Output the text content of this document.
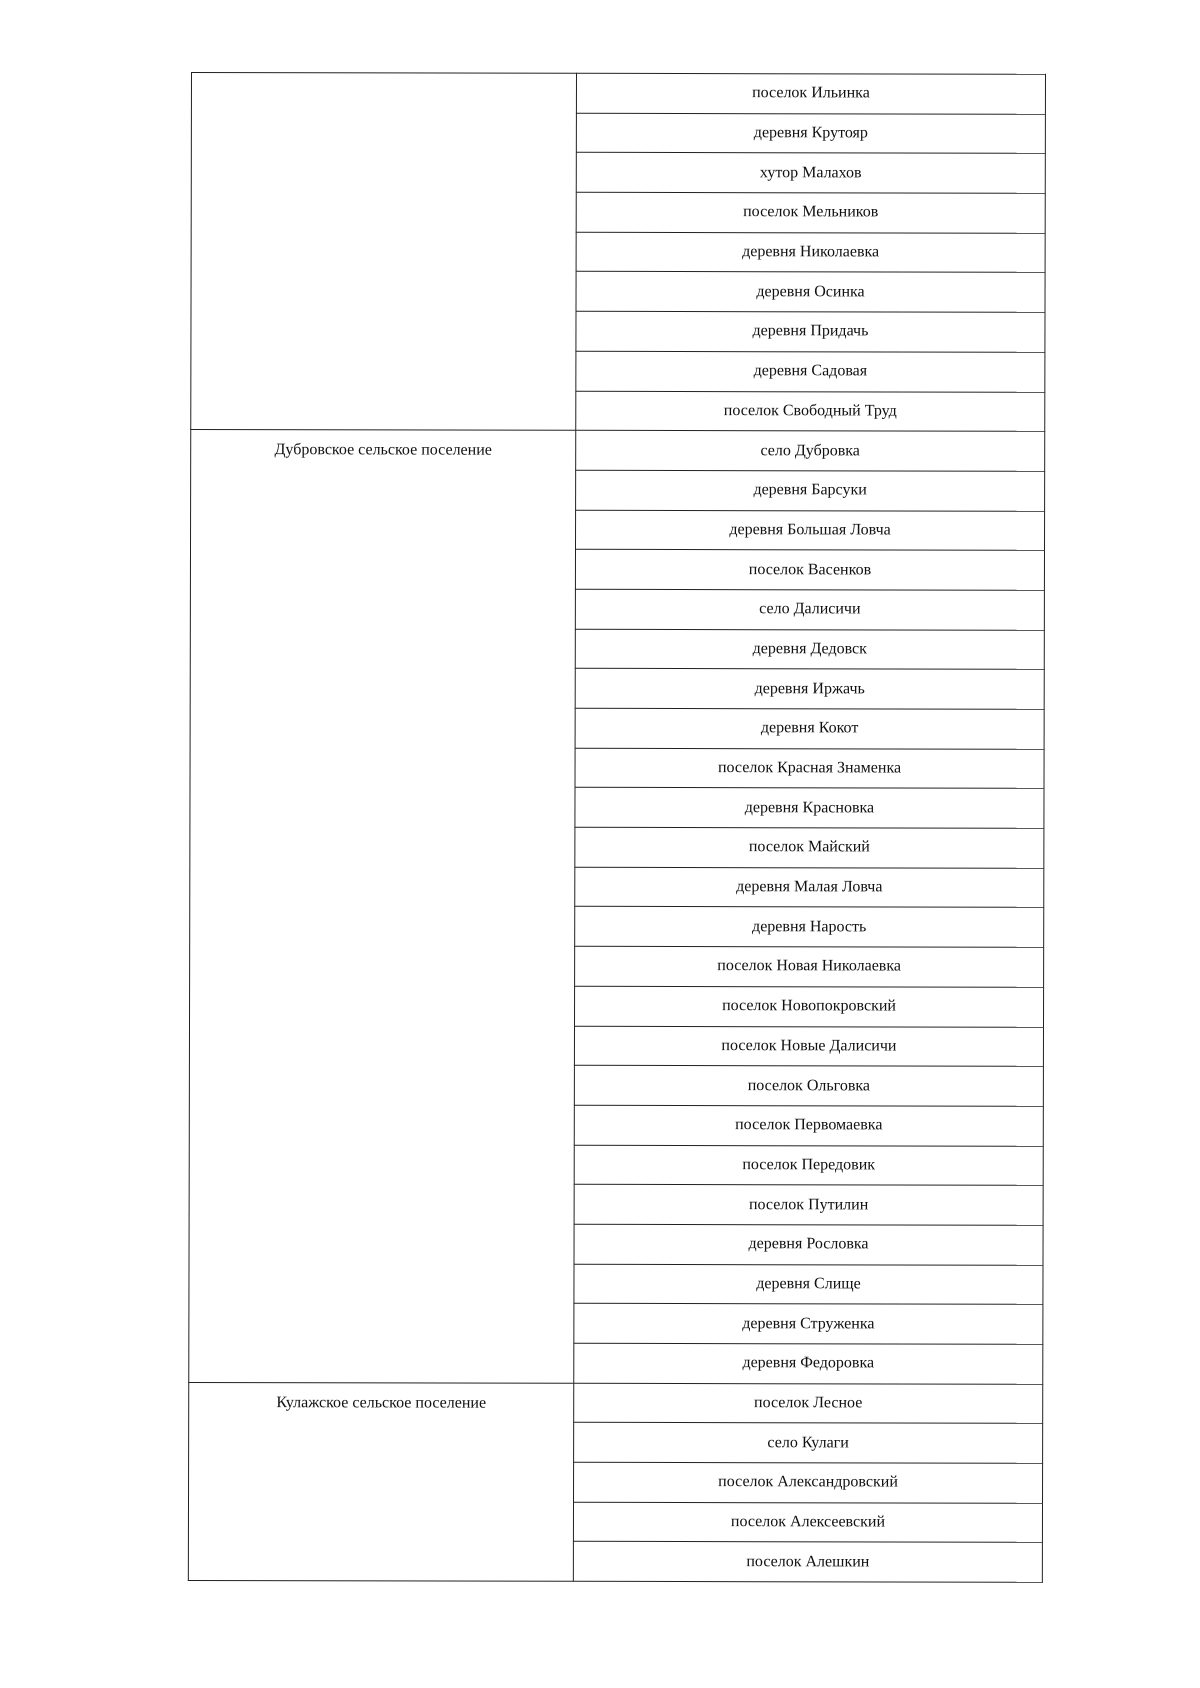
	поселок Ильинка
	деревня Крутояр
	хутор Малахов
	поселок Мельников
	деревня Николаевка
	деревня Осинка
	деревня Придачь
	деревня Садовая
	поселок Свободный Труд
Дубровское сельское поселение	село Дубровка
	деревня Барсуки
	деревня Большая Ловча
	поселок Васенков
	село Далисичи
	деревня Дедовск
	деревня Иржачь
	деревня Кокот
	поселок Красная Знаменка
	деревня Красновка
	поселок Майский
	деревня Малая Ловча
	деревня Нарость
	поселок Новая Николаевка
	поселок Новопокровский
	поселок Новые Далисичи
	поселок Ольговка
	поселок Первомаевка
	поселок Передовик
	поселок Путилин
	деревня Рословка
	деревня Слище
	деревня Струженка
	деревня Федоровка
Кулажское сельское поселение	поселок Лесное
	село Кулаги
	поселок Александровский
	поселок Алексеевский
	поселок Алешкин
